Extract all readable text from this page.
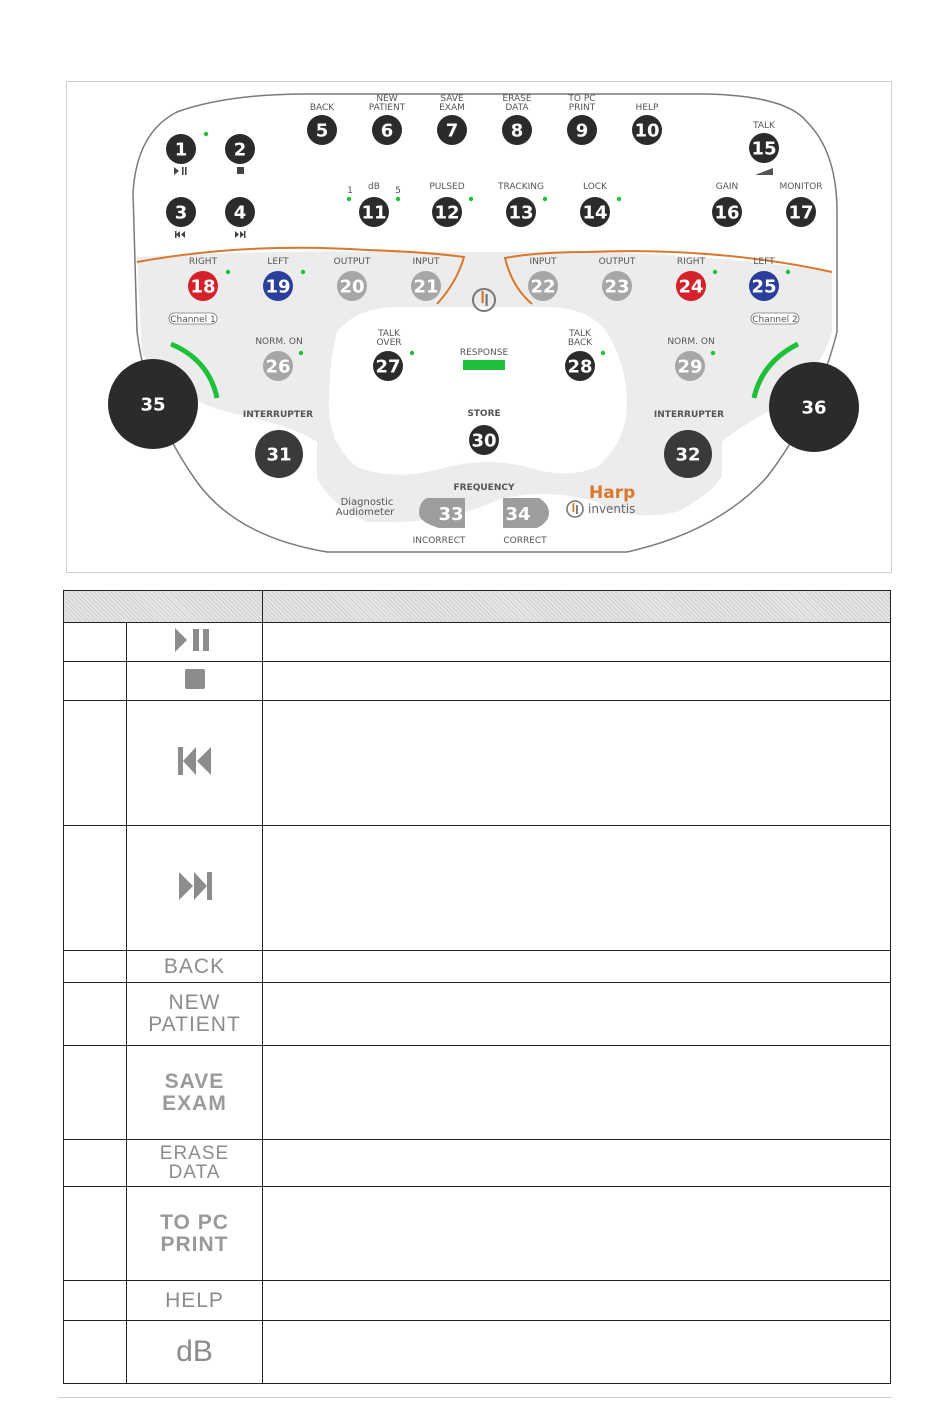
BACK
5
NEW
PATIENT
6
SAVE
EXAM
7
ERASE
DATA
8
TO PC
PRINT
9
HELP
10
1	2
3	4
TALK
15
dB
1	5
11
PULSED
12
TRACKING
13
LOCK
14
GAIN
16
MONITOR
17
RIGHT
18
LEFT
19
OUTPUT
20
INPUT
21
INPUT
22
OUTPUT
23
RIGHT
24
LEFT
25
Channel 1	Channel 2
NORM. ON
26
NORM. ON
29
TALK
OVER
27
TALK
BACK
28
RESPONSE
STORE
30
INTERRUPTER
31
INTERRUPTER
32
35	36
FREQUENCY
33 34
INCORRECT	CORRECT
Diagnostic
Audiometer
Harp
inventis

	BACK	

	NEW
PATIENT	

	SAVE
EXAM	

	ERASE
DATA	

	TO PC
PRINT	

	HELP	
	dB	
